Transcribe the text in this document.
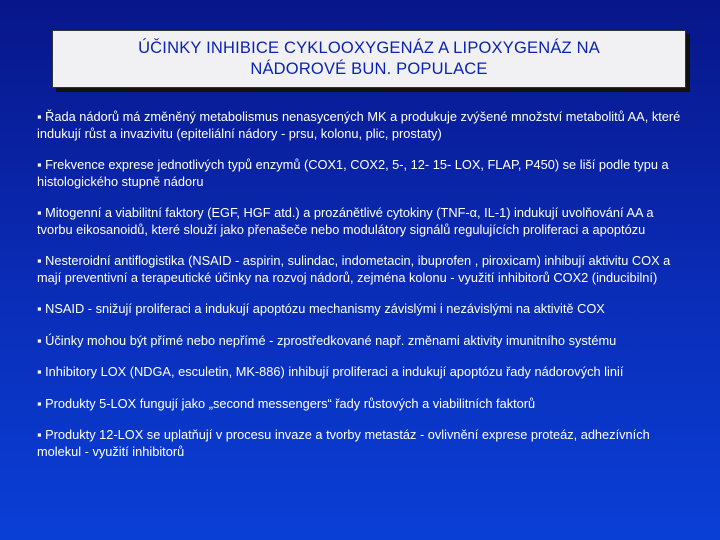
ÚČINKY INHIBICE CYKLOOXYGENÁZ A LIPOXYGENÁZ NA
NÁDOROVÉ BUN. POPULACE
▪ Řada nádorů má změněný metabolismus nenasycených MK a produkuje zvýšené množství metabolitů AA, které indukují růst a invazivitu (epiteliální nádory - prsu, kolonu, plic, prostaty)
▪ Frekvence exprese jednotlivých typů enzymů (COX1, COX2, 5-, 12- 15- LOX, FLAP, P450) se liší podle typu a histologického stupně nádoru
▪ Mitogenní a viabilitní faktory (EGF, HGF atd.) a prozánětlivé cytokiny (TNF-α, IL-1) indukují uvolňování AA a tvorbu eikosanoidů, které slouží jako přenašeče nebo modulátory signálů regulujících proliferaci a apoptózu
▪ Nesteroidní antiflogistika (NSAID - aspirin, sulindac, indometacin, ibuprofen , piroxicam) inhibují aktivitu COX a mají preventivní a terapeutické účinky na rozvoj nádorů, zejména kolonu - využití inhibitorů COX2 (inducibilní)
▪ NSAID - snižují proliferaci a indukují apoptózu mechanismy závislými i nezávislými na aktivitě COX
▪ Účinky mohou být přímé nebo nepřímé - zprostředkované např. změnami aktivity imunitního systému
▪ Inhibitory LOX (NDGA, esculetin, MK-886) inhibují proliferaci a indukují apoptózu řady nádorových linií
▪ Produkty 5-LOX fungují jako „second messengers“ řady růstových a viabilitních faktorů
▪ Produkty 12-LOX se uplatňují v procesu invaze a tvorby metastáz - ovlivnění exprese proteáz, adhezívních molekul - využití inhibitorů
